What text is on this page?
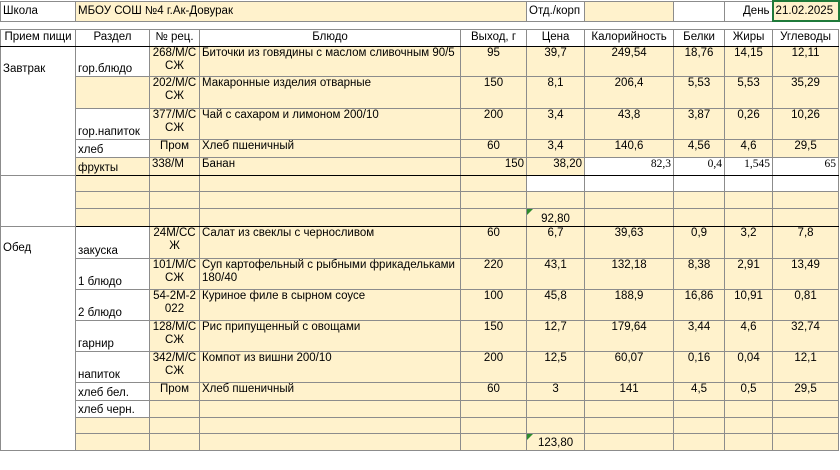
Школа	МБОУ СОШ №4 г.Ак-Довурак				Отд./корп			День	21.02.2025

Прием пищи	Раздел	№ рец.	Блюдо	Выход, г	Цена	Калорийность	Белки	Жиры	Углеводы
Завтрак	гор.блюдо	268/М/ССЖ	Биточки из говядины с маслом сливочным 90/5	95	39,7	249,54	18,76	14,15	12,11
		202/М/ССЖ	Макаронные изделия отварные	150	8,1	206,4	5,53	5,53	35,29
	гор.напиток	377/М/ССЖ	Чай с сахаром и лимоном 200/10	200	3,4	43,8	3,87	0,26	10,26
	хлеб	Пром	Хлеб пшеничный	60	3,4	140,6	4,56	4,6	29,5
	фрукты	338/М	Банан	150	38,20	82,3	0,4	1,545	65

					92,80				
Обед	закуска	24М/ССЖ	Салат из свеклы с черносливом	60	6,7	39,63	0,9	3,2	7,8
	1 блюдо	101/М/ССЖ	Суп картофельный с рыбными фрикадельками 180/40	220	43,1	132,18	8,38	2,91	13,49
	2 блюдо	54-2М-2022	Куриное филе в сырном соусе	100	45,8	188,9	16,86	10,91	0,81
	гарнир	128/М/ССЖ	Рис припущенный с овощами	150	12,7	179,64	3,44	4,6	32,74
	напиток	342/М/ССЖ	Компот из вишни 200/10	200	12,5	60,07	0,16	0,04	12,1
	хлеб бел.	Пром	Хлеб пшеничный	60	3	141	4,5	0,5	29,5
	хлеб черн.								

					123,80				
